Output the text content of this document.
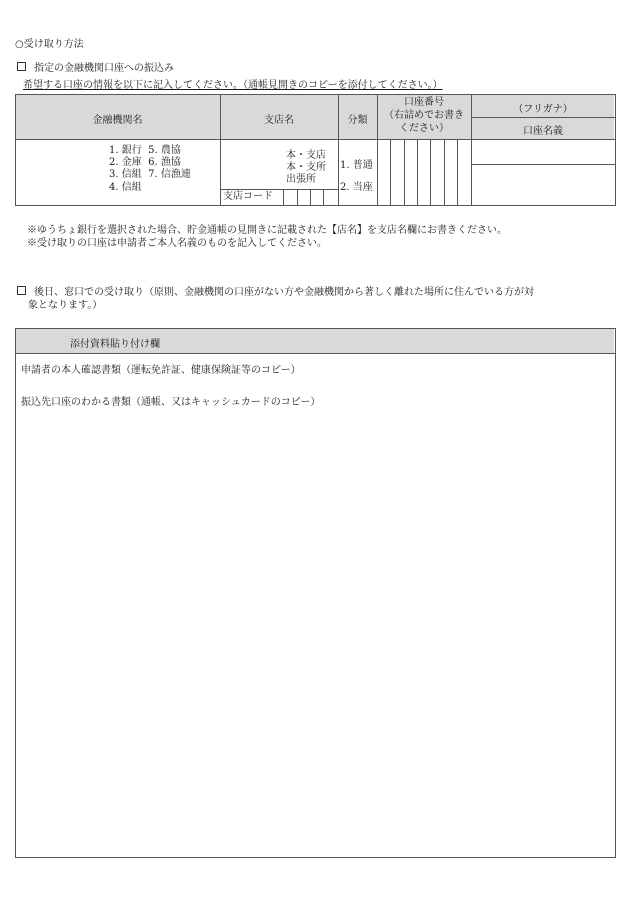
○受け取り方法
指定の金融機関口座への振込み
希望する口座の情報を以下に記入してください。（通帳見開きのコピーを添付してください。）
金融機関名	支店名	分類
口座番号
（右詰めでお書き
ください）
（フリガナ）
口座名義
1. 銀行 5. 農協
2. 金庫 6. 漁協
3. 信組 7. 信漁連
4. 信組
本・支店
本・支所
出張所
支店コード
1. 普通
2. 当座
※ゆうちょ銀行を選択された場合、貯金通帳の見開きに記載された【店名】を支店名欄にお書きください。
※受け取りの口座は申請者ご本人名義のものを記入してください。
後日、窓口での受け取り（原則、金融機関の口座がない方や金融機関から著しく離れた場所に住んでいる方が対
象となります。）
添付資料貼り付け欄
申請者の本人確認書類（運転免許証、健康保険証等のコピー）
振込先口座のわかる書類（通帳、又はキャッシュカードのコピー）
